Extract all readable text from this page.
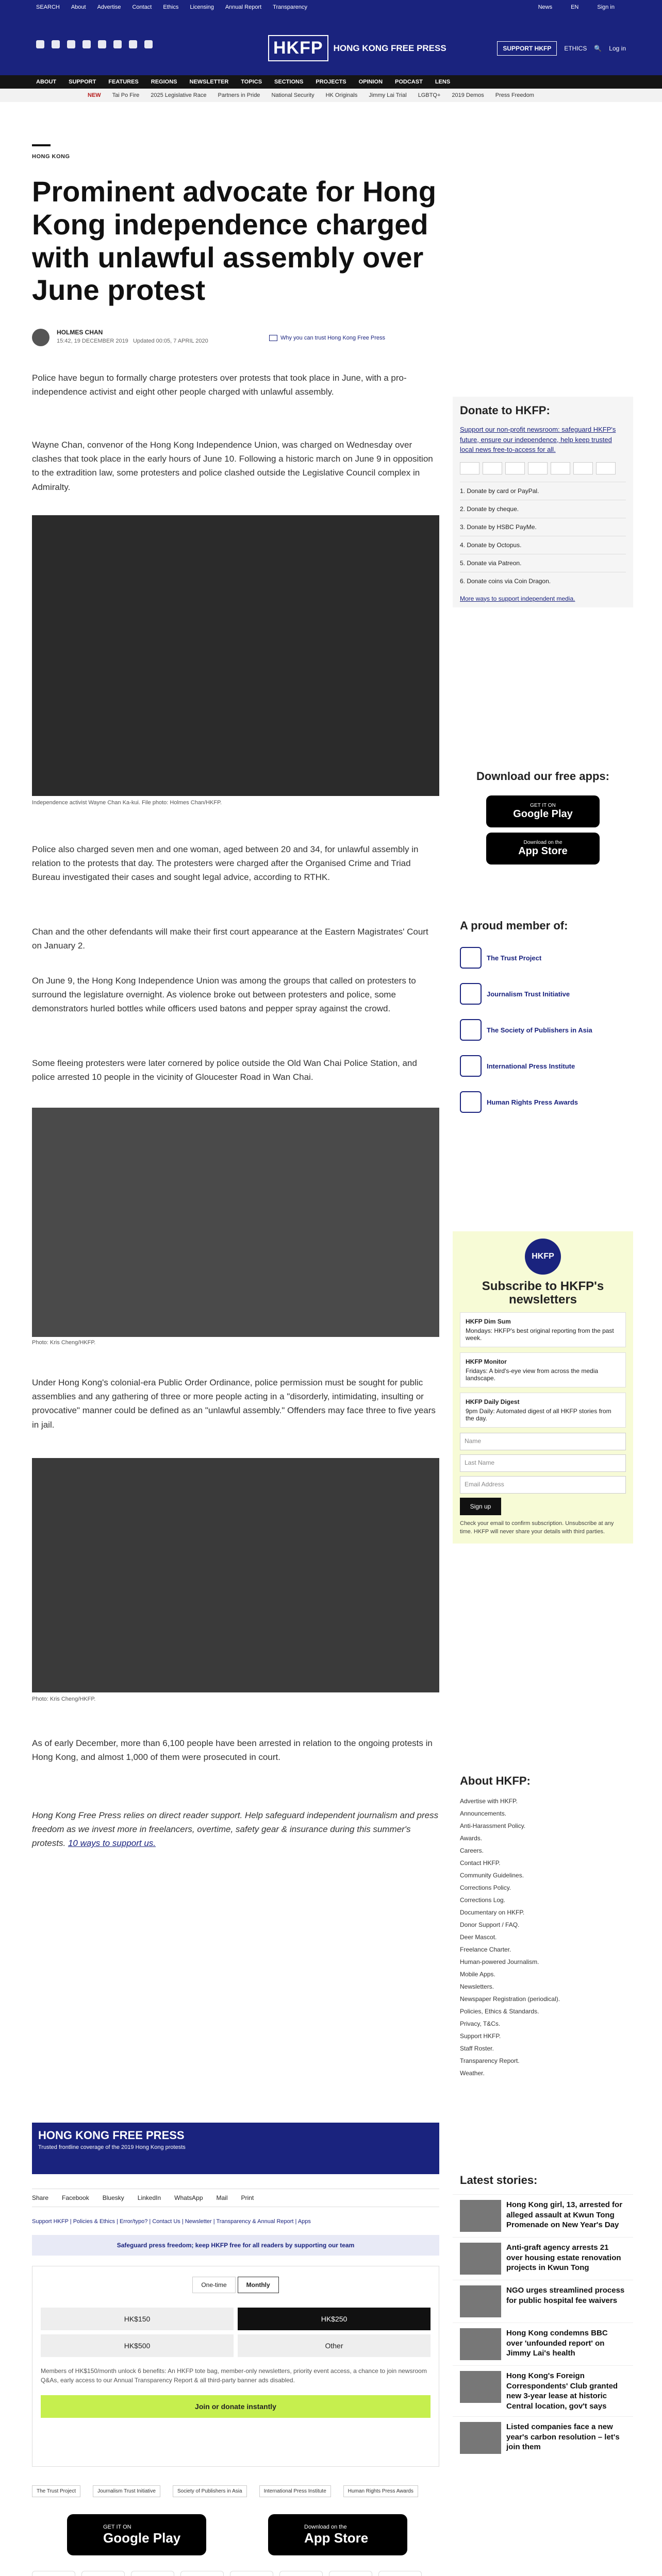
SEARCH About Advertise Contact Ethics Licensing Annual Report Transparency	News	EN	Sign in
HKFP	HONG KONG FREE PRESS	SUPPORT HKFP	ETHICS 🔍 Log in
ABOUT SUPPORT FEATURES REGIONS NEWSLETTER TOPICS SECTIONS PROJECTS OPINION PODCAST LENS
NEW Tai Po Fire 2025 Legislative Race Partners in Pride National Security HK Originals Jimmy Lai Trial LGBTQ+ 2019 Demos Press Freedom
HONG KONG
Prominent advocate for Hong Kong independence charged with unlawful assembly over June protest
HOLMES CHAN
15:42, 19 DECEMBER 2019 Updated 00:05, 7 APRIL 2020	Why you can trust Hong Kong Free Press
Police have begun to formally charge protesters over protests that took place in June, with a pro-independence activist and eight other people charged with unlawful assembly.
Wayne Chan, convenor of the Hong Kong Independence Union, was charged on Wednesday over clashes that took place in the early hours of June 10. Following a historic march on June 9 in opposition to the extradition law, some protesters and police clashed outside the Legislative Council complex in Admiralty.
Independence activist Wayne Chan Ka-kui. File photo: Holmes Chan/HKFP.
Police also charged seven men and one woman, aged between 20 and 34, for unlawful assembly in relation to the protests that day. The protesters were charged after the Organised Crime and Triad Bureau investigated their cases and sought legal advice, according to RTHK.
Chan and the other defendants will make their first court appearance at the Eastern Magistrates' Court on January 2.
On June 9, the Hong Kong Independence Union was among the groups that called on protesters to surround the legislature overnight. As violence broke out between protesters and police, some demonstrators hurled bottles while officers used batons and pepper spray against the crowd.
Some fleeing protesters were later cornered by police outside the Old Wan Chai Police Station, and police arrested 10 people in the vicinity of Gloucester Road in Wan Chai.
Photo: Kris Cheng/HKFP.
Under Hong Kong's colonial-era Public Order Ordinance, police permission must be sought for public assemblies and any gathering of three or more people acting in a "disorderly, intimidating, insulting or provocative" manner could be defined as an "unlawful assembly." Offenders may face three to five years in jail.
Photo: Kris Cheng/HKFP.
As of early December, more than 6,100 people have been arrested in relation to the ongoing protests in Hong Kong, and almost 1,000 of them were prosecuted in court.
Hong Kong Free Press relies on direct reader support. Help safeguard independent journalism and press freedom as we invest more in freelancers, overtime, safety gear & insurance during this summer's protests. 10 ways to support us.
HONG KONG FREE PRESS
Trusted frontline coverage of the 2019 Hong Kong protests
Share Facebook Bluesky LinkedIn WhatsApp Mail Print
Support HKFP | Policies & Ethics | Error/typo? | Contact Us | Newsletter | Transparency & Annual Report | Apps
Safeguard press freedom; keep HKFP free for all readers by supporting our team
One-time	Monthly
HK$150	HK$250
HK$500	Other
Members of HK$150/month unlock 6 benefits: An HKFP tote bag, member-only newsletters, priority event access, a chance to join newsroom Q&As, early access to our Annual Transparency Report & all third-party banner ads disabled.
Join or donate instantly
The Trust Project	Journalism Trust Initiative	Society of Publishers in Asia	International Press Institute	Human Rights Press Awards
GET IT ON
Google Play
Download on the
App Store
Donate to HKFP:
Support our non-profit newsroom: safeguard HKFP's future, ensure our independence, help keep trusted local news free-to-access for all.
1. Donate by card or PayPal.
2. Donate by cheque.
3. Donate by HSBC PayMe.
4. Donate by Octopus.
5. Donate via Patreon.
6. Donate coins via Coin Dragon.
More ways to support independent media.
Download our free apps:
GET IT ON
Google Play
Download on the
App Store
A proud member of:
The Trust Project
Journalism Trust Initiative
The Society of Publishers in Asia
International Press Institute
Human Rights Press Awards
HKFP
Subscribe to HKFP's newsletters
HKFP Dim Sum
Mondays: HKFP's best original reporting from the past week.
HKFP Monitor
Fridays: A bird's-eye view from across the media landscape.
HKFP Daily Digest
9pm Daily: Automated digest of all HKFP stories from the day.
Name
Last Name
Email Address
Sign up
Check your email to confirm subscription. Unsubscribe at any time. HKFP will never share your details with third parties.
About HKFP:
Advertise with HKFP.
Announcements.
Anti-Harassment Policy.
Awards.
Careers.
Contact HKFP.
Community Guidelines.
Corrections Policy.
Corrections Log.
Documentary on HKFP.
Donor Support / FAQ.
Deer Mascot.
Freelance Charter.
Human-powered Journalism.
Mobile Apps.
Newsletters.
Newspaper Registration (periodical).
Policies, Ethics & Standards.
Privacy, T&Cs.
Support HKFP.
Staff Roster.
Transparency Report.
Weather.
Latest stories:
Hong Kong girl, 13, arrested for alleged assault at Kwun Tong Promenade on New Year's Day
Anti-graft agency arrests 21 over housing estate renovation projects in Kwun Tong
NGO urges streamlined process for public hospital fee waivers
Hong Kong condemns BBC over 'unfounded report' on Jimmy Lai's health
Hong Kong's Foreign Correspondents' Club granted new 3-year lease at historic Central location, gov't says
Listed companies face a new year's carbon resolution – let's join them
